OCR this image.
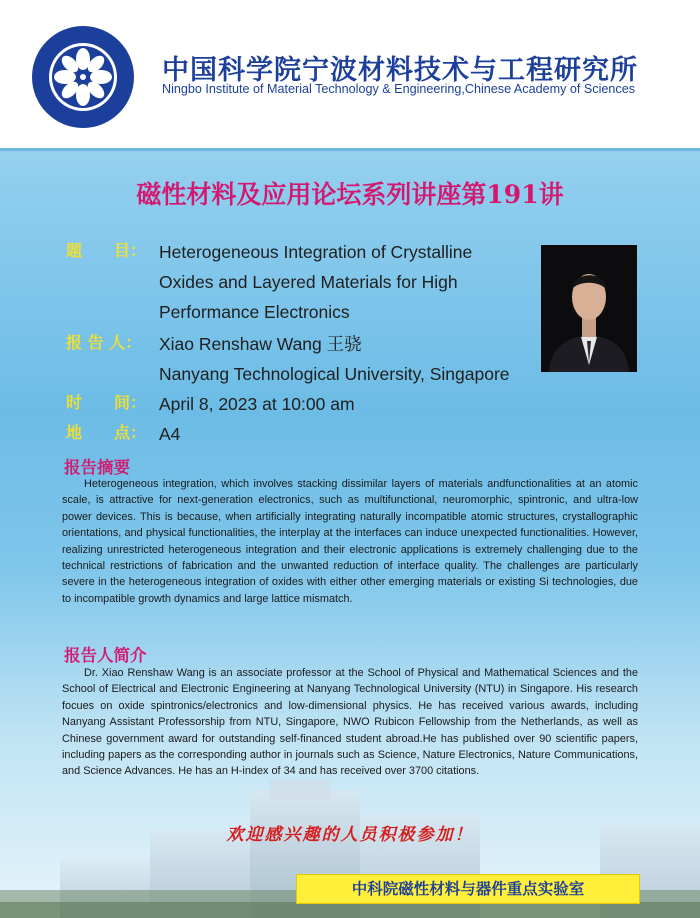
中国科学院宁波材料技术与工程研究所
Ningbo Institute of Material Technology & Engineering,Chinese Academy of Sciences
磁性材料及应用论坛系列讲座第191讲
题　　目： Heterogeneous Integration of Crystalline
Oxides and Layered Materials for High
Performance Electronics
报 告 人：	Xiao Renshaw Wang 王骁
Nanyang Technological University, Singapore
时　　间： April 8, 2023 at 10:00 am
地　　点： A4
报告摘要

Heterogeneous integration, which involves stacking dissimilar layers of materials andfunctionalities at an atomic scale, is attractive for next-generation electronics, such as multifunctional, neuromorphic, spintronic, and ultra-low power devices. This is because, when artificially integrating naturally incompatible atomic structures, crystallographic orientations, and physical functionalities, the interplay at the interfaces can induce unexpected functionalities. However, realizing unrestricted heterogeneous integration and their electronic applications is extremely challenging due to the technical restrictions of fabrication and the unwanted reduction of interface quality. The challenges are particularly severe in the heterogeneous integration of oxides with either other emerging materials or existing Si technologies, due to incompatible growth dynamics and large lattice mismatch.

报告人简介

Dr. Xiao Renshaw Wang is an associate professor at the School of Physical and Mathematical Sciences and the School of Electrical and Electronic Engineering at Nanyang Technological University (NTU) in Singapore. His research focues on oxide spintronics/electronics and low-dimensional physics. He has received various awards, including Nanyang Assistant Professorship from NTU, Singapore, NWO Rubicon Fellowship from the Netherlands, as well as Chinese government award for outstanding self-financed student abroad.He has published over 90 scientific papers, including papers as the corresponding author in journals such as Science, Nature Electronics, Nature Communications, and Science Advances. He has an H-index of 34 and has received over 3700 citations.

欢迎感兴趣的人员积极参加！
中科院磁性材料与器件重点实验室
